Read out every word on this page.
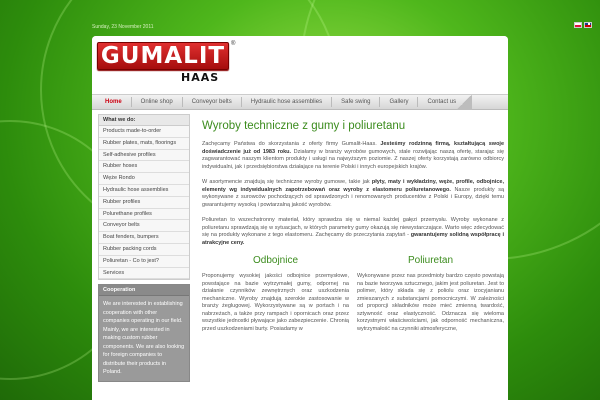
Sunday, 23 November 2011
GUMALIT ®
HAAS
Home	Online shop	Conveyor belts	Hydraulic hose assemblies	Safe swing	Gallery	Contact us
What we do:
Products made-to-order
Rubber plates, mats, floorings
Self-adhesive profiles
Rubber hoses
Węże Rondo
Hydraulic hose assemblies
Rubber profiles
Polurethane profiles
Conveyor belts
Boat fenders, bumpers
Rubber packing cords
Poliuretan - Co to jest?
Services
Cooperation
We are interested in establishing cooperation with other companies operating in our field. Mainly, we are interested in making custom rubber components. We are also looking for foreign companies to distribute their products in Poland.
Wyroby techniczne z gumy i poliuretanu

Zachęcamy Państwa do skorzystania z oferty firmy Gumalit-Haas. Jesteśmy rodzinną firmą, kształtującą swoje doświadczenie już od 1983 roku. Działamy w branży wyrobów gumowych, stale rozwijając naszą ofertę, starając się zagwarantować naszym klientom produkty i usługi na najwyższym poziomie. Z naszej oferty korzystają zarówno odbiorcy indywidualni, jak i przedsiębiorstwa działające na terenie Polski i innych europejskich krajów.

W asortymencie znajdują się techniczne wyroby gumowe, takie jak płyty, maty i wykładziny, węże, profile, odbojnice, elementy wg indywidualnych zapotrzebowań oraz wyroby z elastomeru poliuretanowego. Nasze produkty są wykonywane z surowców pochodzących od sprawdzonych i renomowanych producentów z Polski i Europy, dzięki temu gwarantujemy wysoką i powtarzalną jakość wyrobów.

Poliuretan to wszechstronny materiał, który sprawdza się w niemal każdej gałęzi przemysłu. Wyroby wykonane z poliuretanu sprawdzają się w sytuacjach, w których parametry gumy okazują się niewystarczające. Warto więc zdecydować się na produkty wykonane z tego elastomeru. Zachęcamy do przeczytania zapytań - gwarantujemy solidną współpracę i atrakcyjne ceny.

Odbojnice
Proponujemy wysokiej jakości odbojnice przemysłowe, powstające na bazie wytrzymałej gumy, odpornej na działanie czynników zewnętrznych oraz uszkodzenia mechaniczne. Wyroby znajdują szerokie zastosowanie w branży żeglugowej. Wykorzystywane są w portach i na nabrzeżach, a także przy rampach i opornicach oraz przez wszystkie jednostki pływające jako zabezpieczenie. Chronią przed uszkodzeniami burty. Posiadamy w
Poliuretan
Wykonywane przez nas przedmioty bardzo często powstają na bazie tworzywa sztucznego, jakim jest poliuretan. Jest to polimer, który składa się z poliolu oraz izocyjanianu zmieszanych z substancjami pomocniczymi. W zależności od proporcji składników może mieć zmienną twardość, sztywność oraz elastyczność. Odznacza się wieloma korzystnymi właściwościami, jak odporność mechaniczna, wytrzymałość na czynniki atmosferyczne,
